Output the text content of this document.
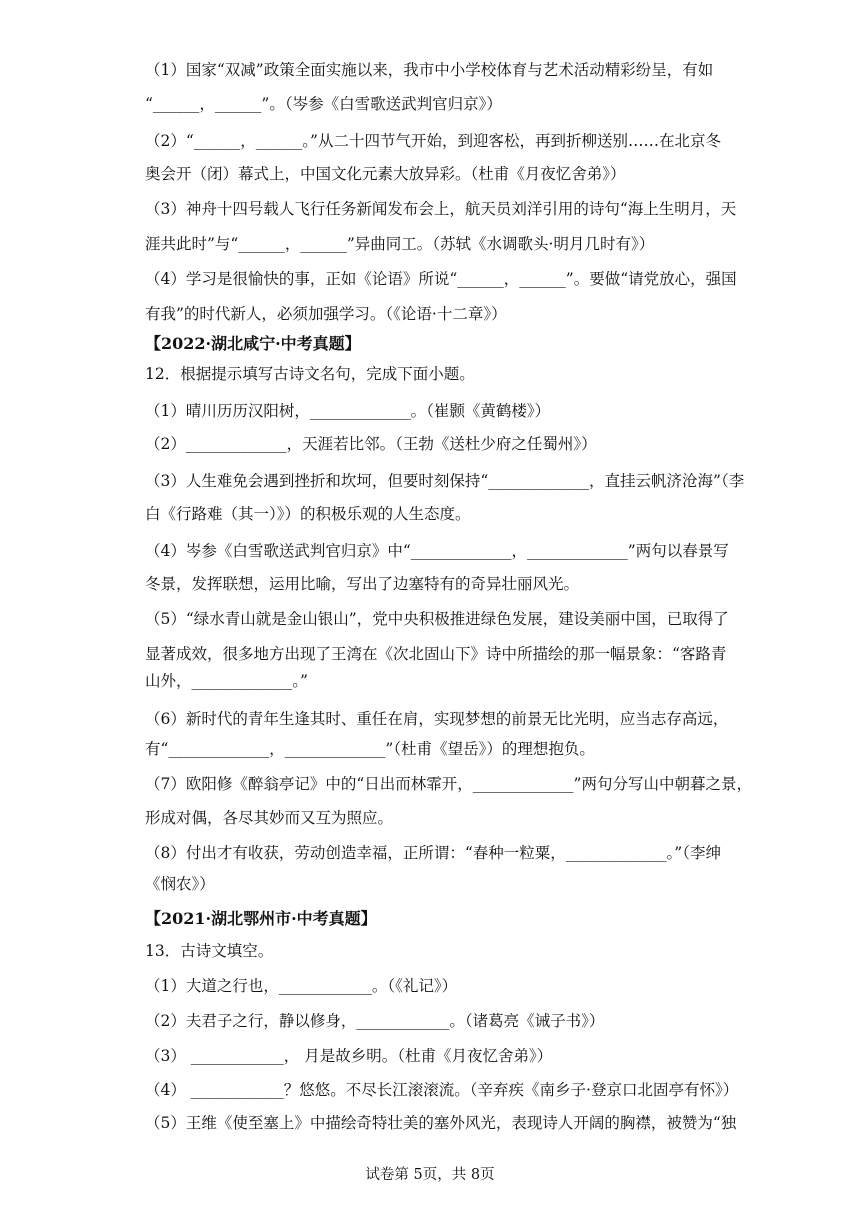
（1）国家“双减”政策全面实施以来，我市中小学校体育与艺术活动精彩纷呈，有如
“______，______”。（岑参《白雪歌送武判官归京》）
（2）“______，______。”从二十四节气开始，到迎客松，再到折柳送别……在北京冬
奥会开（闭）幕式上，中国文化元素大放异彩。（杜甫《月夜忆舍弟》）
（3）神舟十四号载人飞行任务新闻发布会上，航天员刘洋引用的诗句“海上生明月，天
涯共此时”与“______，______”异曲同工。（苏轼《水调歌头·明月几时有》）
（4）学习是很愉快的事，正如《论语》所说“______，______”。要做“请党放心，强国
有我”的时代新人，必须加强学习。（《论语·十二章》）
【2022·湖北咸宁·中考真题】
12．根据提示填写古诗文名句，完成下面小题。
（1）晴川历历汉阳树，_____________。（崔颢《黄鹤楼》）
（2）_____________，天涯若比邻。（王勃《送杜少府之任蜀州》）
（3）人生难免会遇到挫折和坎坷，但要时刻保持“_____________，直挂云帆济沧海”（李
白《行路难（其一）》）的积极乐观的人生态度。
（4）岑参《白雪歌送武判官归京》中“_____________，_____________”两句以春景写
冬景，发挥联想，运用比喻，写出了边塞特有的奇异壮丽风光。
（5）“绿水青山就是金山银山”，党中央积极推进绿色发展，建设美丽中国，已取得了
显著成效，很多地方出现了王湾在《次北固山下》诗中所描绘的那一幅景象：“客路青
山外，_____________。”
（6）新时代的青年生逢其时、重任在肩，实现梦想的前景无比光明，应当志存高远，
有“_____________，_____________”（杜甫《望岳》）的理想抱负。
（7）欧阳修《醉翁亭记》中的“日出而林霏开，_____________”两句分写山中朝暮之景，
形成对偶，各尽其妙而又互为照应。
（8）付出才有收获，劳动创造幸福，正所谓：“春种一粒粟，_____________。”（李绅
《悯农》）
【2021·湖北鄂州市·中考真题】
13．古诗文填空。
（1）大道之行也，____________。（《礼记》）
（2）夫君子之行，静以修身，____________。（诸葛亮《诫子书》）
（3） ____________， 月是故乡明。（杜甫《月夜忆舍弟》）
（4） ____________？悠悠。不尽长江滚滚流。（辛弃疾《南乡子·登京口北固亭有怀》）
（5）王维《使至塞上》中描绘奇特壮美的塞外风光，表现诗人开阔的胸襟，被赞为“独
试卷第 5页，共 8页
